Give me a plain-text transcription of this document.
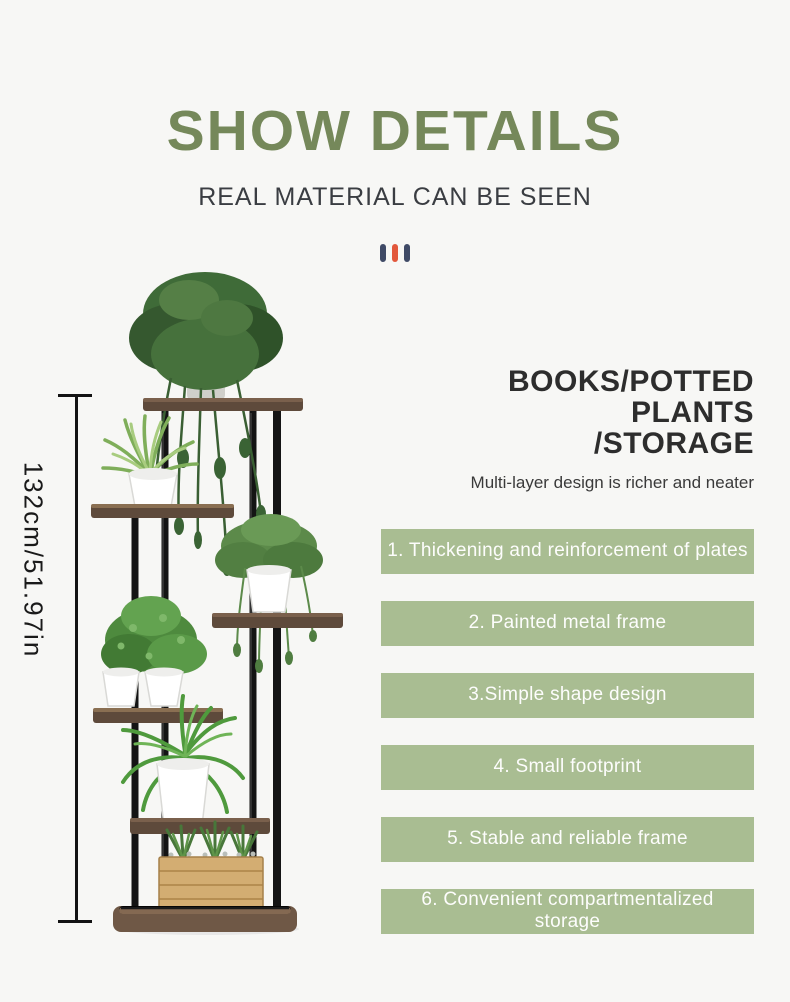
SHOW DETAILS
REAL MATERIAL CAN BE SEEN
132cm/51.97in
BOOKS/POTTED PLANTS
/STORAGE
Multi-layer design is richer and neater
1. Thickening and reinforcement of plates
2. Painted metal frame
3.Simple shape design
4. Small footprint
5. Stable and reliable frame
6. Convenient compartmentalized storage
